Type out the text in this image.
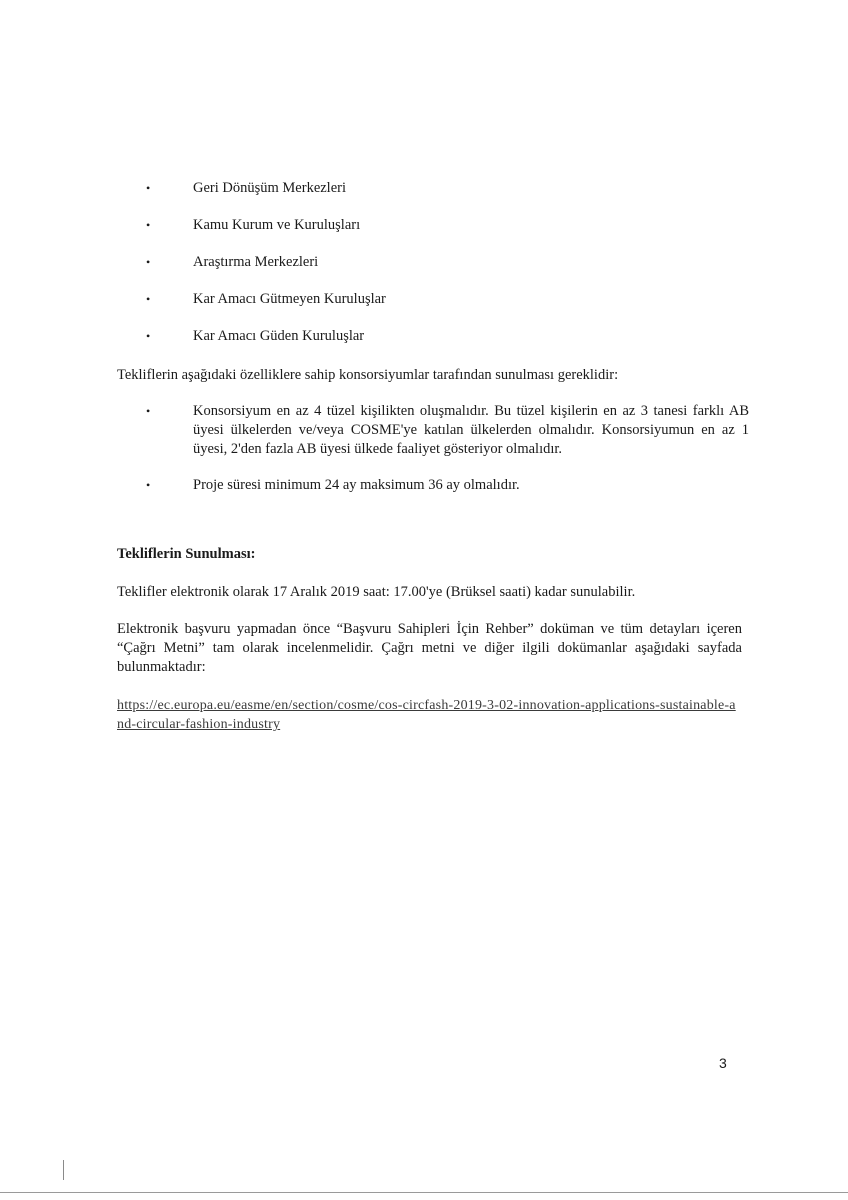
•	Geri Dönüşüm Merkezleri
•	Kamu Kurum ve Kuruluşları
•	Araştırma Merkezleri
•	Kar Amacı Gütmeyen Kuruluşlar
•	Kar Amacı Güden Kuruluşlar

Tekliflerin aşağıdaki özelliklere sahip konsorsiyumlar tarafından sunulması gereklidir:

•	Konsorsiyum en az 4 tüzel kişilikten oluşmalıdır. Bu tüzel kişilerin en az 3 tanesi farklı AB üyesi ülkelerden ve/veya COSME'ye katılan ülkelerden olmalıdır. Konsorsiyumun en az 1 üyesi, 2'den fazla AB üyesi ülkede faaliyet gösteriyor olmalıdır.
•	Proje süresi minimum 24 ay maksimum 36 ay olmalıdır.
Tekliflerin Sunulması:

Teklifler elektronik olarak 17 Aralık 2019 saat: 17.00'ye (Brüksel saati) kadar sunulabilir.

Elektronik başvuru yapmadan önce “Başvuru Sahipleri İçin Rehber” doküman ve tüm detayları içeren “Çağrı Metni” tam olarak incelenmelidir. Çağrı metni ve diğer ilgili dokümanlar aşağıdaki sayfada bulunmaktadır:

https://ec.europa.eu/easme/en/section/cosme/cos-circfash-2019-3-02-innovation-applications-sustainable-and-circular-fashion-industry
3
